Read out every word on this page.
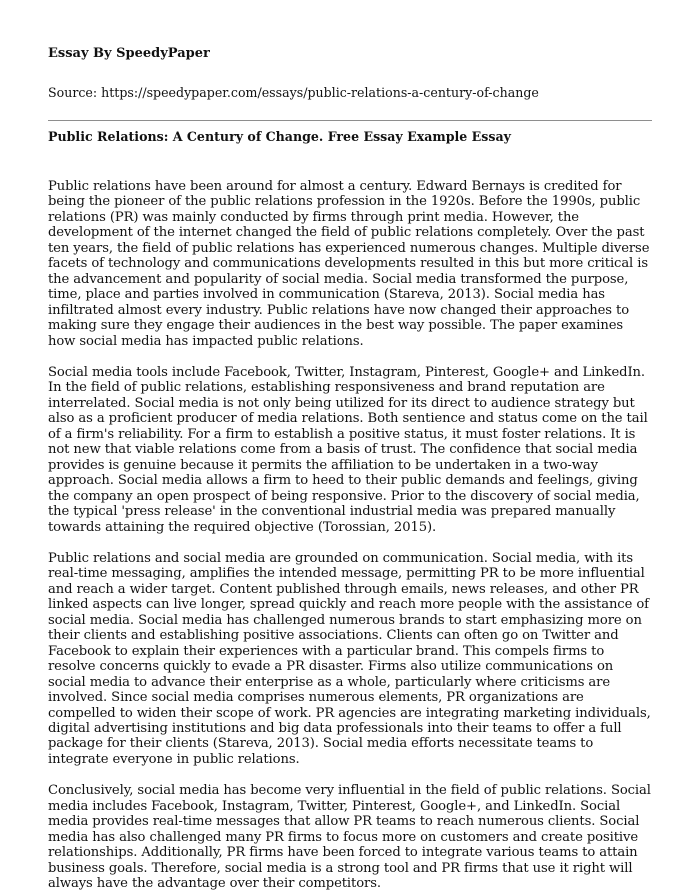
Essay By SpeedyPaper
Source: https://speedypaper.com/essays/public-relations-a-century-of-change
Public Relations: A Century of Change. Free Essay Example Essay

Public relations have been around for almost a century. Edward Bernays is credited for being the pioneer of the public relations profession in the 1920s. Before the 1990s, public relations (PR) was mainly conducted by firms through print media. However, the development of the internet changed the field of public relations completely. Over the past ten years, the field of public relations has experienced numerous changes. Multiple diverse facets of technology and communications developments resulted in this but more critical is the advancement and popularity of social media. Social media transformed the purpose, time, place and parties involved in communication (Stareva, 2013). Social media has infiltrated almost every industry. Public relations have now changed their approaches to making sure they engage their audiences in the best way possible. The paper examines how social media has impacted public relations.

Social media tools include Facebook, Twitter, Instagram, Pinterest, Google+ and LinkedIn. In the field of public relations, establishing responsiveness and brand reputation are interrelated. Social media is not only being utilized for its direct to audience strategy but also as a proficient producer of media relations. Both sentience and status come on the tail of a firm's reliability. For a firm to establish a positive status, it must foster relations. It is not new that viable relations come from a basis of trust. The confidence that social media provides is genuine because it permits the affiliation to be undertaken in a two-way approach. Social media allows a firm to heed to their public demands and feelings, giving the company an open prospect of being responsive. Prior to the discovery of social media, the typical 'press release' in the conventional industrial media was prepared manually towards attaining the required objective (Torossian, 2015).

Public relations and social media are grounded on communication. Social media, with its real-time messaging, amplifies the intended message, permitting PR to be more influential and reach a wider target. Content published through emails, news releases, and other PR linked aspects can live longer, spread quickly and reach more people with the assistance of social media. Social media has challenged numerous brands to start emphasizing more on their clients and establishing positive associations. Clients can often go on Twitter and Facebook to explain their experiences with a particular brand. This compels firms to resolve concerns quickly to evade a PR disaster. Firms also utilize communications on social media to advance their enterprise as a whole, particularly where criticisms are involved. Since social media comprises numerous elements, PR organizations are compelled to widen their scope of work. PR agencies are integrating marketing individuals, digital advertising institutions and big data professionals into their teams to offer a full package for their clients (Stareva, 2013). Social media efforts necessitate teams to integrate everyone in public relations.

Conclusively, social media has become very influential in the field of public relations. Social media includes Facebook, Instagram, Twitter, Pinterest, Google+, and LinkedIn. Social media provides real-time messages that allow PR teams to reach numerous clients. Social media has also challenged many PR firms to focus more on customers and create positive relationships. Additionally, PR firms have been forced to integrate various teams to attain business goals. Therefore, social media is a strong tool and PR firms that use it right will always have the advantage over their competitors.
